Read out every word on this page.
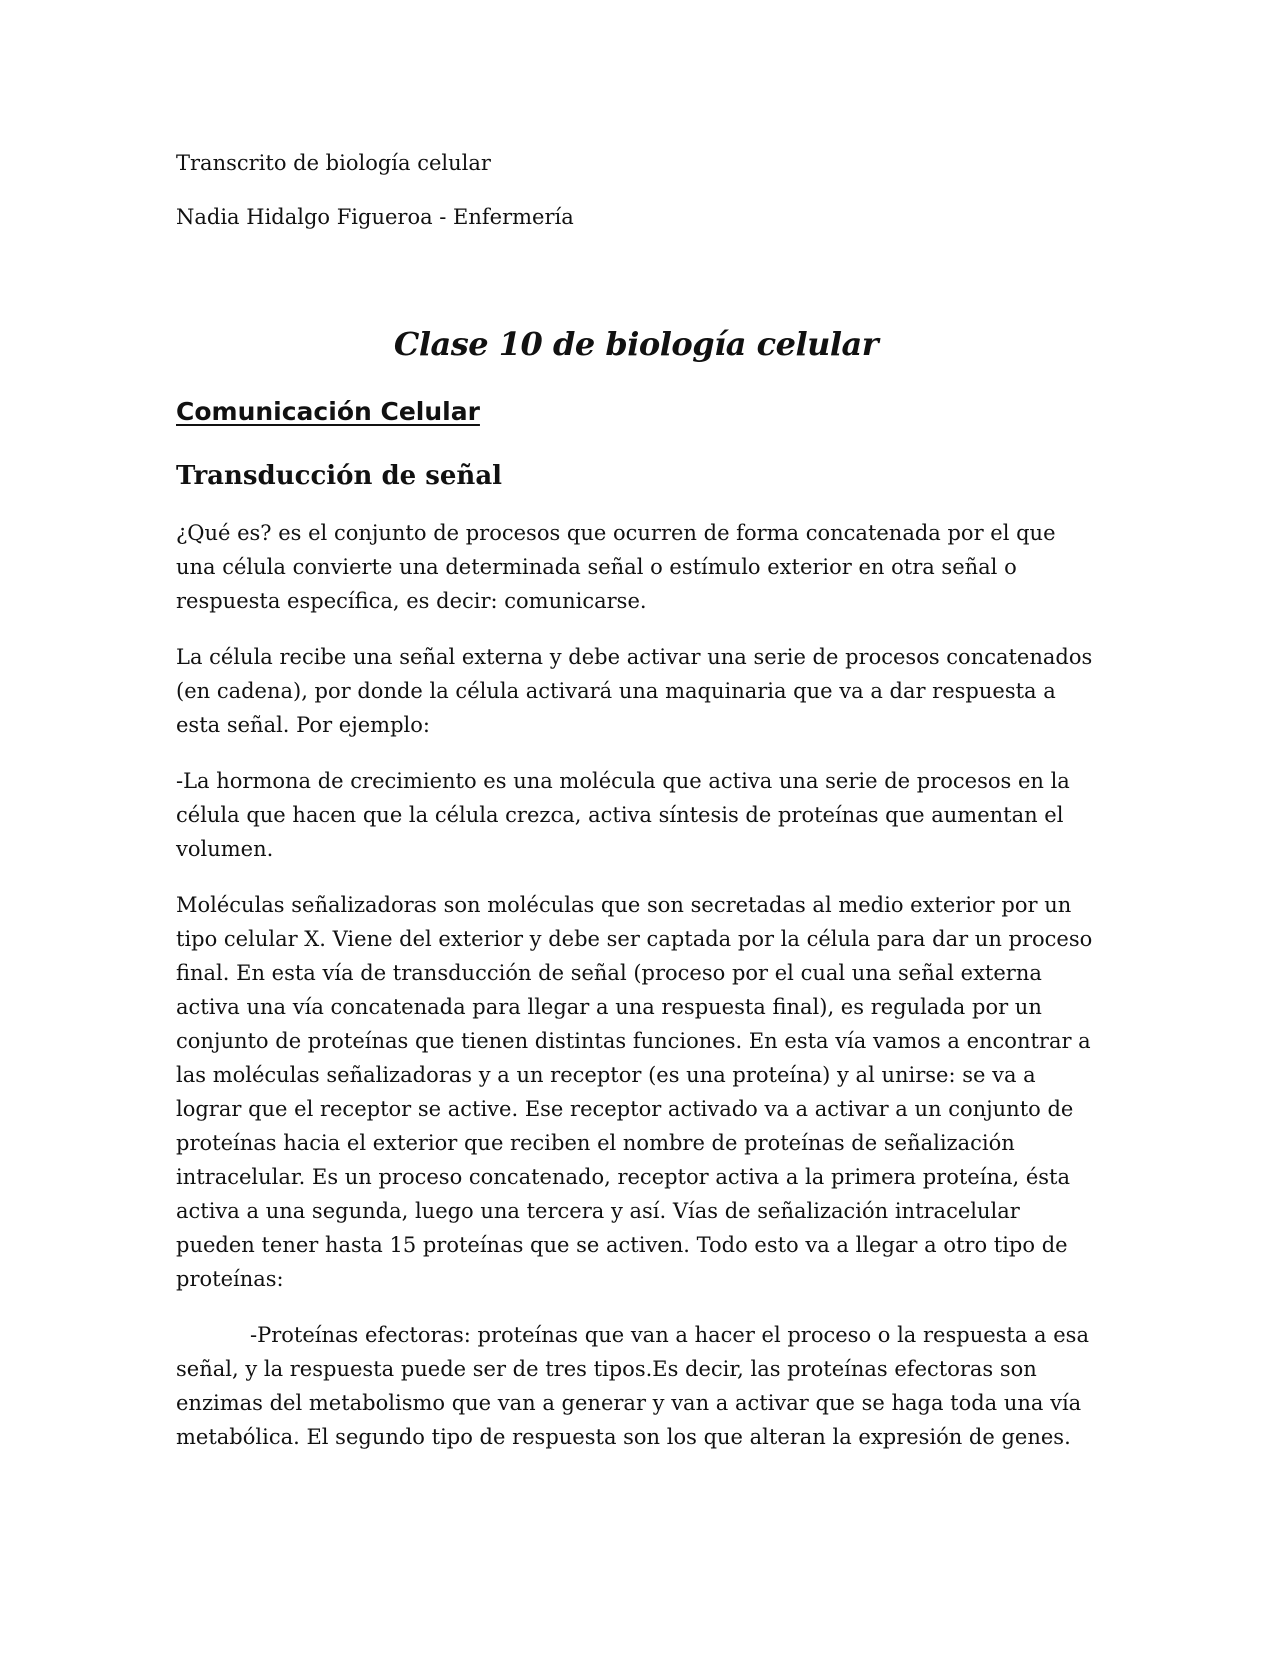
Transcrito de biología celular

Nadia Hidalgo Figueroa - Enfermería

Clase 10 de biología celular
Comunicación Celular
Transducción de señal

¿Qué es? es el conjunto de procesos que ocurren de forma concatenada por el que una célula convierte una determinada señal o estímulo exterior en otra señal o respuesta específica, es decir: comunicarse.

La célula recibe una señal externa y debe activar una serie de procesos concatenados (en cadena), por donde la célula activará una maquinaria que va a dar respuesta a esta señal. Por ejemplo:

-La hormona de crecimiento es una molécula que activa una serie de procesos en la célula que hacen que la célula crezca, activa síntesis de proteínas que aumentan el volumen.

Moléculas señalizadoras son moléculas que son secretadas al medio exterior por un tipo celular X. Viene del exterior y debe ser captada por la célula para dar un proceso final. En esta vía de transducción de señal (proceso por el cual una señal externa activa una vía concatenada para llegar a una respuesta final), es regulada por un conjunto de proteínas que tienen distintas funciones. En esta vía vamos a encontrar a las moléculas señalizadoras y a un receptor (es una proteína) y al unirse: se va a lograr que el receptor se active. Ese receptor activado va a activar a un conjunto de proteínas hacia el exterior que reciben el nombre de proteínas de señalización intracelular. Es un proceso concatenado, receptor activa a la primera proteína, ésta activa a una segunda, luego una tercera y así. Vías de señalización intracelular pueden tener hasta 15 proteínas que se activen. Todo esto va a llegar a otro tipo de proteínas:

-Proteínas efectoras: proteínas que van a hacer el proceso o la respuesta a esa señal, y la respuesta puede ser de tres tipos.Es decir, las proteínas efectoras son enzimas del metabolismo que van a generar y van a activar que se haga toda una vía metabólica. El segundo tipo de respuesta son los que alteran la expresión de genes.
